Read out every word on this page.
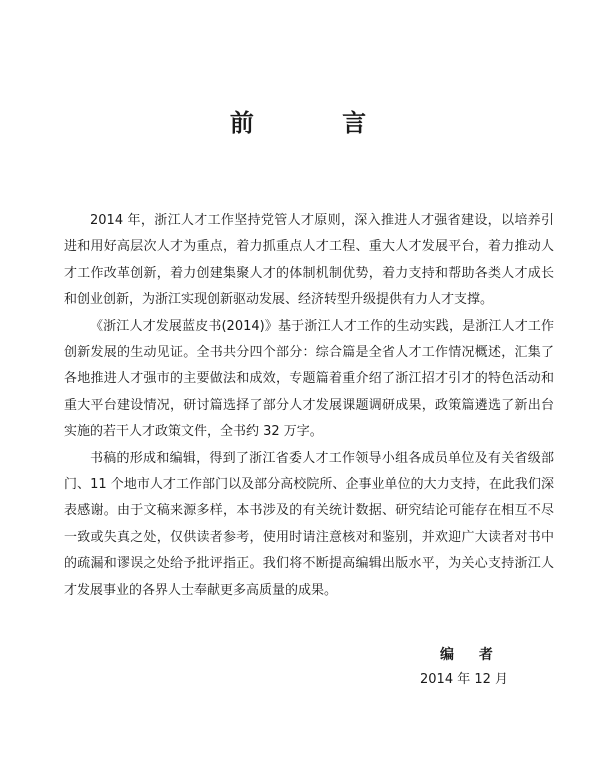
前 言

2014 年，浙江人才工作坚持党管人才原则，深入推进人才强省建设，以培养引进和用好高层次人才为重点，着力抓重点人才工程、重大人才发展平台，着力推动人才工作改革创新，着力创建集聚人才的体制机制优势，着力支持和帮助各类人才成长和创业创新，为浙江实现创新驱动发展、经济转型升级提供有力人才支撑。

《浙江人才发展蓝皮书(2014)》基于浙江人才工作的生动实践，是浙江人才工作创新发展的生动见证。全书共分四个部分：综合篇是全省人才工作情况概述，汇集了各地推进人才强市的主要做法和成效，专题篇着重介绍了浙江招才引才的特色活动和重大平台建设情况，研讨篇选择了部分人才发展课题调研成果，政策篇遴选了新出台实施的若干人才政策文件，全书约 32 万字。

书稿的形成和编辑，得到了浙江省委人才工作领导小组各成员单位及有关省级部门、11 个地市人才工作部门以及部分高校院所、企事业单位的大力支持，在此我们深表感谢。由于文稿来源多样，本书涉及的有关统计数据、研究结论可能存在相互不尽一致或失真之处，仅供读者参考，使用时请注意核对和鉴别，并欢迎广大读者对书中的疏漏和谬误之处给予批评指正。我们将不断提高编辑出版水平，为关心支持浙江人才发展事业的各界人士奉献更多高质量的成果。

编 者
2014 年 12 月
